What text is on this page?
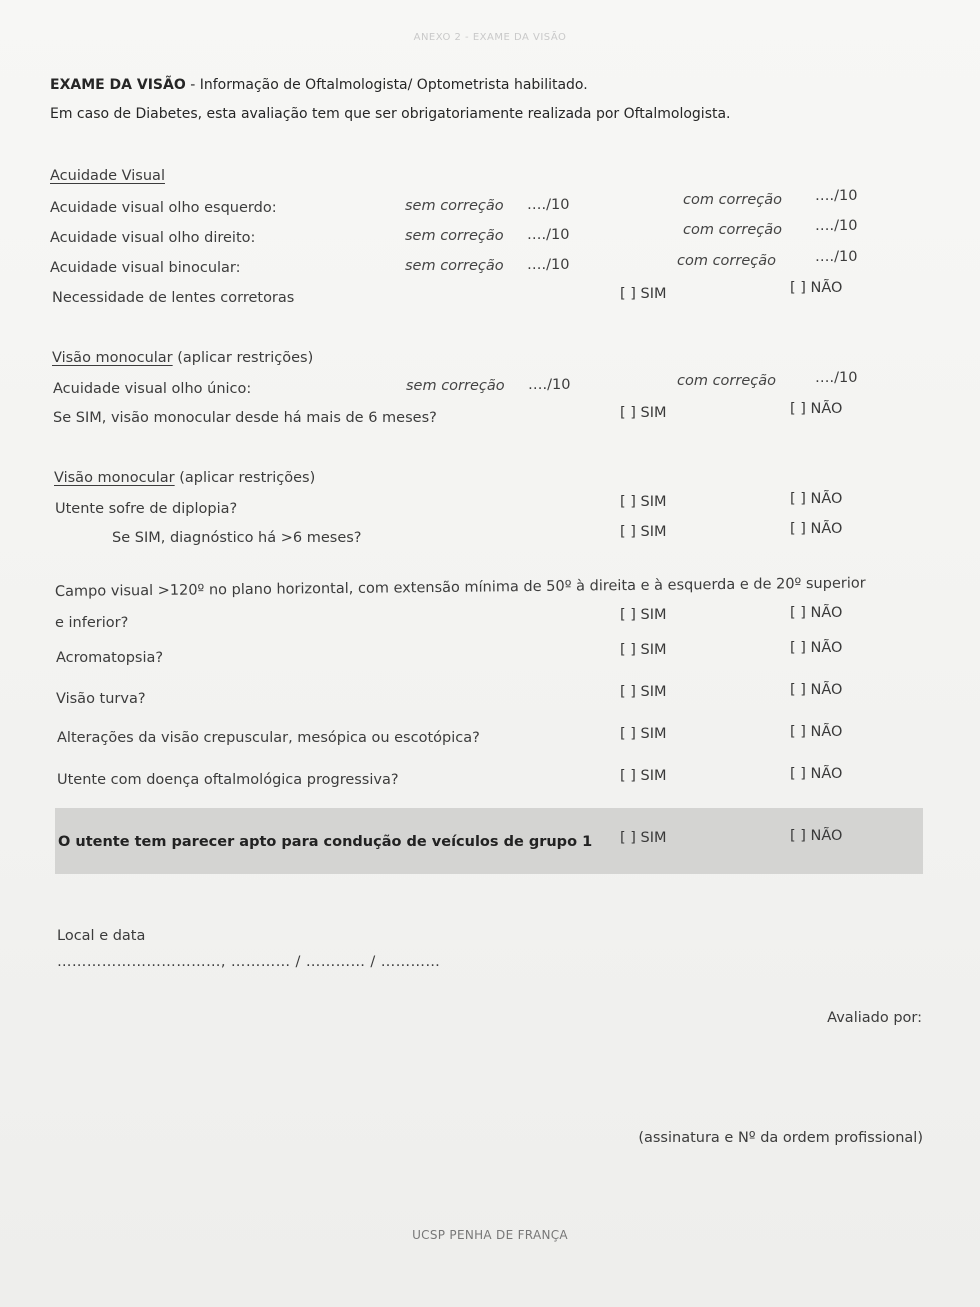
ANEXO 2 - EXAME DA VISÃO
EXAME DA VISÃO - Informação de Oftalmologista/ Optometrista habilitado.
Em caso de Diabetes, esta avaliação tem que ser obrigatoriamente realizada por Oftalmologista.
Acuidade Visual
Acuidade visual olho esquerdo:	sem correção …./10	com correção …./10
Acuidade visual olho direito:	sem correção …./10	com correção …./10
Acuidade visual binocular:	sem correção …./10	com correção	…./10
Necessidade de lentes corretoras	[ ] SIM	[ ] NÃO
Visão monocular (aplicar restrições)
Acuidade visual olho único:	sem correção …./10	com correção	…./10
Se SIM, visão monocular desde há mais de 6 meses?	[ ] SIM	[ ] NÃO
Visão monocular (aplicar restrições)
Utente sofre de diplopia?	[ ] SIM	[ ] NÃO
Se SIM, diagnóstico há >6 meses?	[ ] SIM	[ ] NÃO
Campo visual >120º no plano horizontal, com extensão mínima de 50º à direita e à esquerda e de 20º superior
e inferior?	[ ] SIM	[ ] NÃO
Acromatopsia?	[ ] SIM	[ ] NÃO
Visão turva?	[ ] SIM	[ ] NÃO
Alterações da visão crepuscular, mesópica ou escotópica?	[ ] SIM	[ ] NÃO
Utente com doença oftalmológica progressiva?	[ ] SIM	[ ] NÃO
O utente tem parecer apto para condução de veículos de grupo 1 [ ] SIM	[ ] NÃO
Local e data
……………………………, ………… / ………… / …………
Avaliado por:
(assinatura e Nº da ordem profissional)
UCSP PENHA DE FRANÇA
